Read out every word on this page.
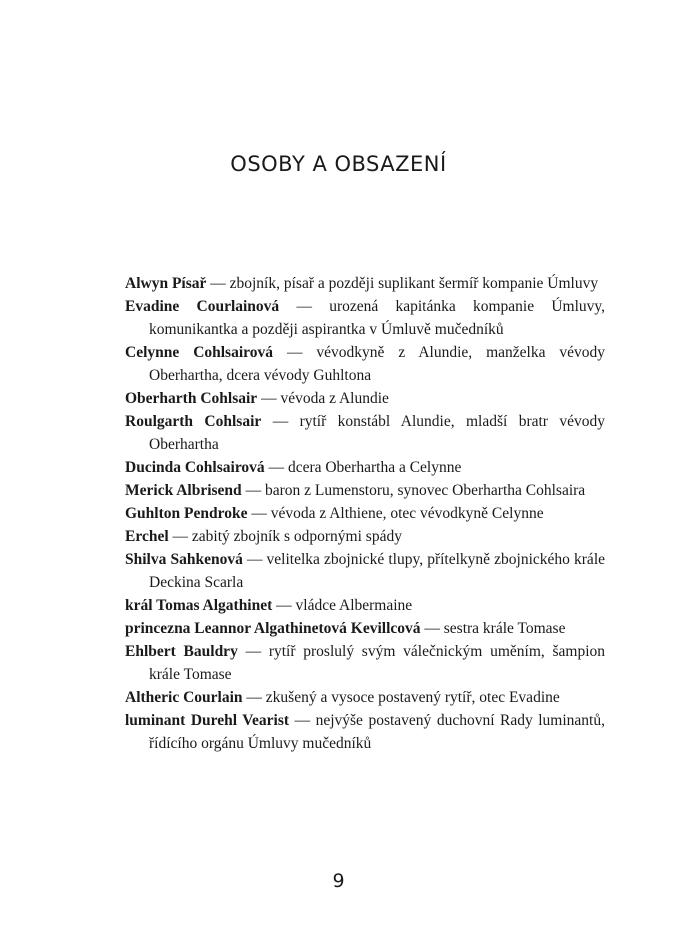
OSOBY A OBSAZENÍ

Alwyn Písař — zbojník, písař a později suplikant šermíř kompanie Úmluvy

Evadine Courlainová — urozená kapitánka kompanie Úmluvy, komunikantka a později aspirantka v Úmluvě mučedníků

Celynne Cohlsairová — vévodkyně z Alundie, manželka vévody Oberhartha, dcera vévody Guhltona

Oberharth Cohlsair — vévoda z Alundie

Roulgarth Cohlsair — rytíř konstábl Alundie, mladší bratr vévody Oberhartha

Ducinda Cohlsairová — dcera Oberhartha a Celynne

Merick Albrisend — baron z Lumenstoru, synovec Oberhartha Cohlsaira

Guhlton Pendroke — vévoda z Althiene, otec vévodkyně Celynne

Erchel — zabitý zbojník s odpornými spády

Shilva Sahkenová — velitelka zbojnické tlupy, přítelkyně zbojnického krále Deckina Scarla

král Tomas Algathinet — vládce Albermaine

princezna Leannor Algathinetová Kevillcová — sestra krále Tomase

Ehlbert Bauldry — rytíř proslulý svým válečnickým uměním, šampion krále Tomase

Altheric Courlain — zkušený a vysoce postavený rytíř, otec Evadine

luminant Durehl Vearist — nejvýše postavený duchovní Rady luminantů, řídícího orgánu Úmluvy mučedníků

9
